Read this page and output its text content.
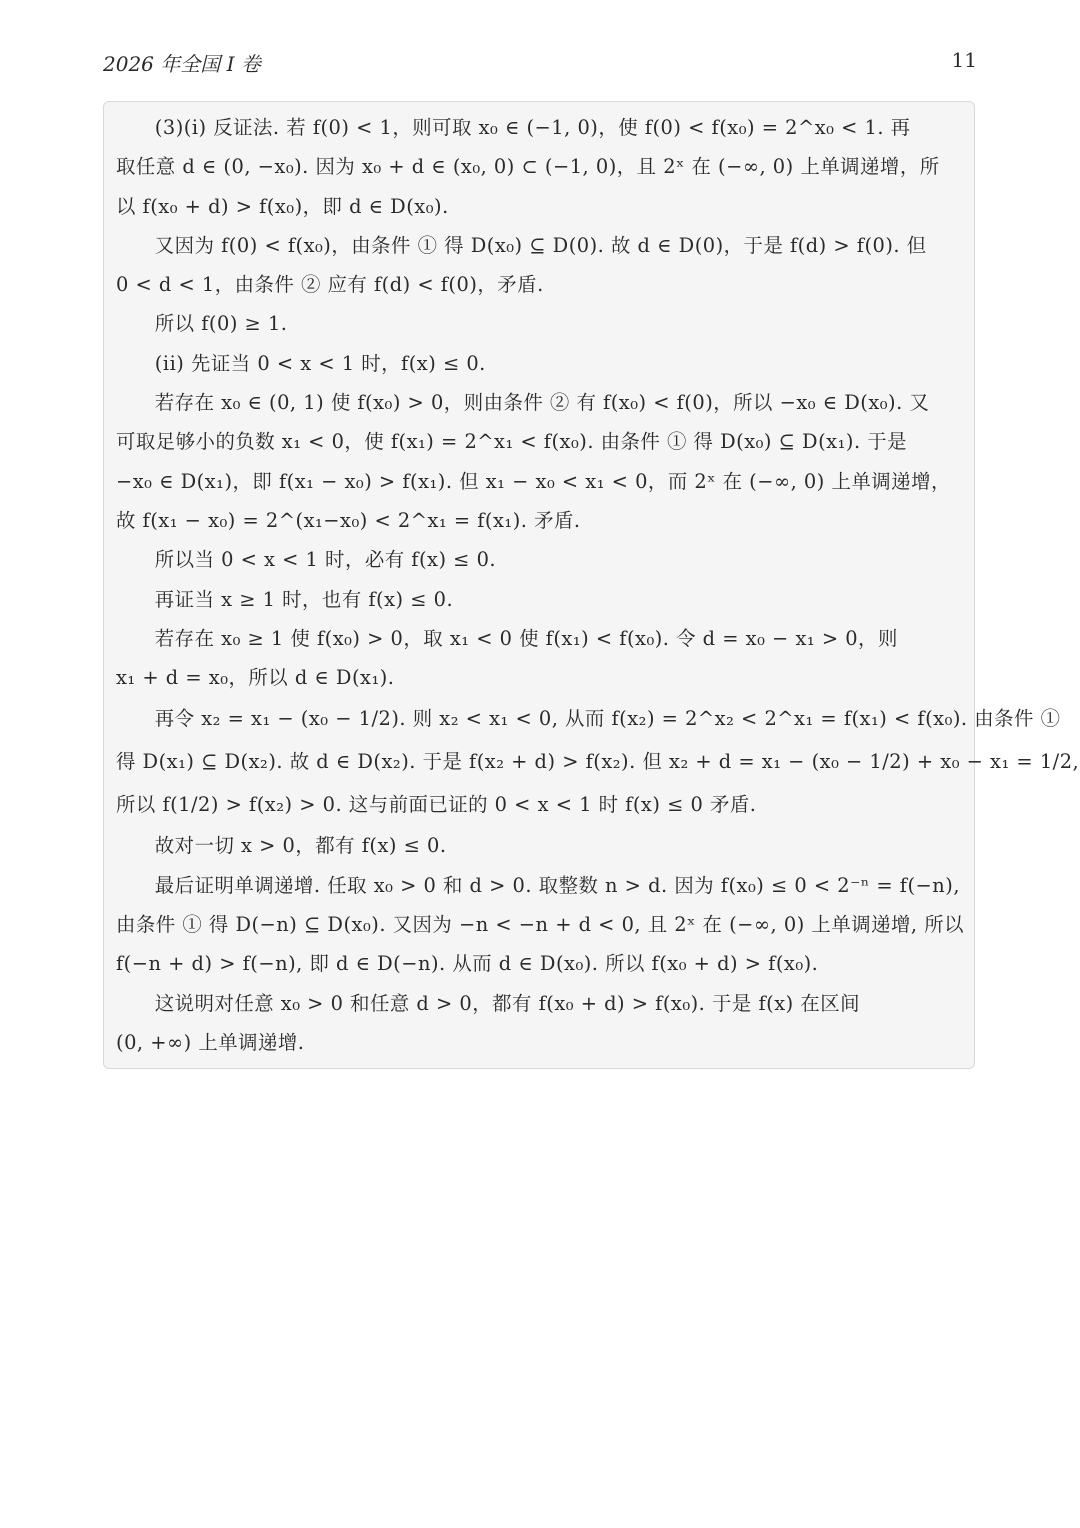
2026 年全国 I 卷	11

(3)(i) 反证法. 若 f(0) < 1，则可取 x₀ ∈ (−1, 0)，使 f(0) < f(x₀) = 2^x₀ < 1. 再
取任意 d ∈ (0, −x₀). 因为 x₀ + d ∈ (x₀, 0) ⊂ (−1, 0)，且 2ˣ 在 (−∞, 0) 上单调递增，所
以 f(x₀ + d) > f(x₀)，即 d ∈ D(x₀).

又因为 f(0) < f(x₀)，由条件 ① 得 D(x₀) ⊆ D(0). 故 d ∈ D(0)，于是 f(d) > f(0). 但
0 < d < 1，由条件 ② 应有 f(d) < f(0)，矛盾.

所以 f(0) ≥ 1.

(ii) 先证当 0 < x < 1 时，f(x) ≤ 0.

若存在 x₀ ∈ (0, 1) 使 f(x₀) > 0，则由条件 ② 有 f(x₀) < f(0)，所以 −x₀ ∈ D(x₀). 又
可取足够小的负数 x₁ < 0，使 f(x₁) = 2^x₁ < f(x₀). 由条件 ① 得 D(x₀) ⊆ D(x₁). 于是
−x₀ ∈ D(x₁)，即 f(x₁ − x₀) > f(x₁). 但 x₁ − x₀ < x₁ < 0，而 2ˣ 在 (−∞, 0) 上单调递增，
故 f(x₁ − x₀) = 2^(x₁−x₀) < 2^x₁ = f(x₁). 矛盾.

所以当 0 < x < 1 时，必有 f(x) ≤ 0.

再证当 x ≥ 1 时，也有 f(x) ≤ 0.

若存在 x₀ ≥ 1 使 f(x₀) > 0，取 x₁ < 0 使 f(x₁) < f(x₀). 令 d = x₀ − x₁ > 0，则
x₁ + d = x₀，所以 d ∈ D(x₁).

再令 x₂ = x₁ − (x₀ − 1/2). 则 x₂ < x₁ < 0, 从而 f(x₂) = 2^x₂ < 2^x₁ = f(x₁) < f(x₀). 由条件 ①
得 D(x₁) ⊆ D(x₂). 故 d ∈ D(x₂). 于是 f(x₂ + d) > f(x₂). 但 x₂ + d = x₁ − (x₀ − 1/2) + x₀ − x₁ = 1/2,
所以 f(1/2) > f(x₂) > 0. 这与前面已证的 0 < x < 1 时 f(x) ≤ 0 矛盾.

故对一切 x > 0，都有 f(x) ≤ 0.

最后证明单调递增. 任取 x₀ > 0 和 d > 0. 取整数 n > d. 因为 f(x₀) ≤ 0 < 2⁻ⁿ = f(−n),
由条件 ① 得 D(−n) ⊆ D(x₀). 又因为 −n < −n + d < 0, 且 2ˣ 在 (−∞, 0) 上单调递增, 所以
f(−n + d) > f(−n), 即 d ∈ D(−n). 从而 d ∈ D(x₀). 所以 f(x₀ + d) > f(x₀).

这说明对任意 x₀ > 0 和任意 d > 0，都有 f(x₀ + d) > f(x₀). 于是 f(x) 在区间
(0, +∞) 上单调递增.
